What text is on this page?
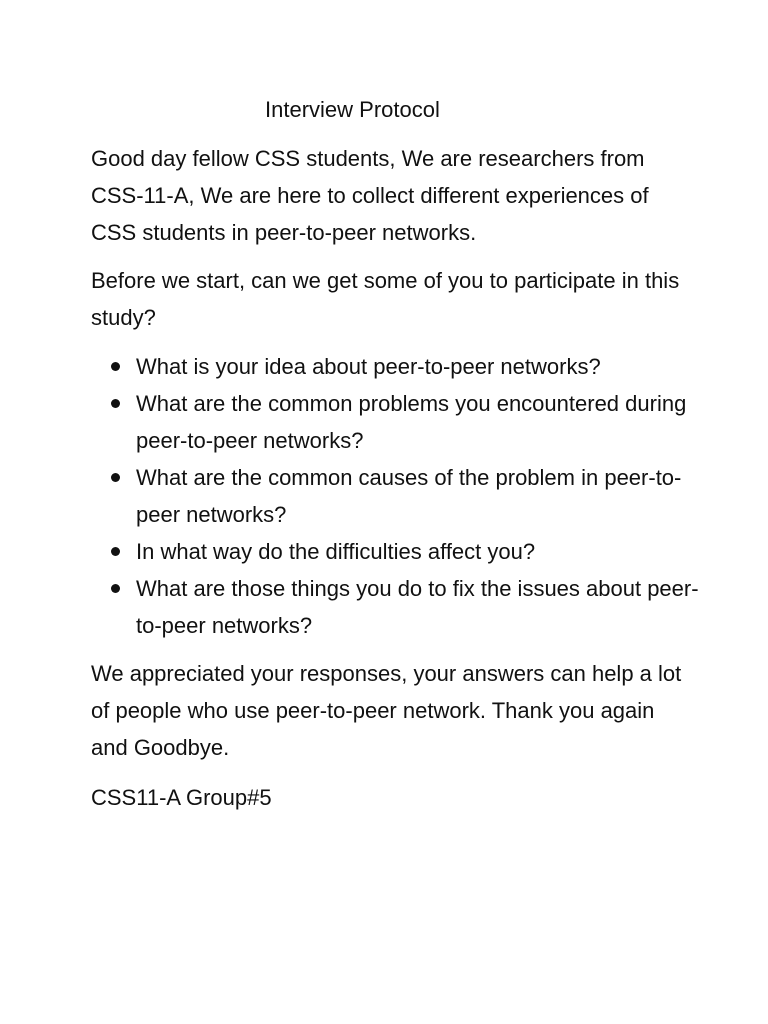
Interview Protocol

Good day fellow CSS students, We are researchers from CSS-11-A, We are here to collect different experiences of CSS students in peer-to-peer networks.

Before we start, can we get some of you to participate in this study?

What is your idea about peer-to-peer networks?
What are the common problems you encountered during peer-to-peer networks?
What are the common causes of the problem in peer-to-peer networks?
In what way do the difficulties affect you?
What are those things you do to fix the issues about peer-to-peer networks?

We appreciated your responses, your answers can help a lot of people who use peer-to-peer network. Thank you again and Goodbye.

CSS11-A Group#5
